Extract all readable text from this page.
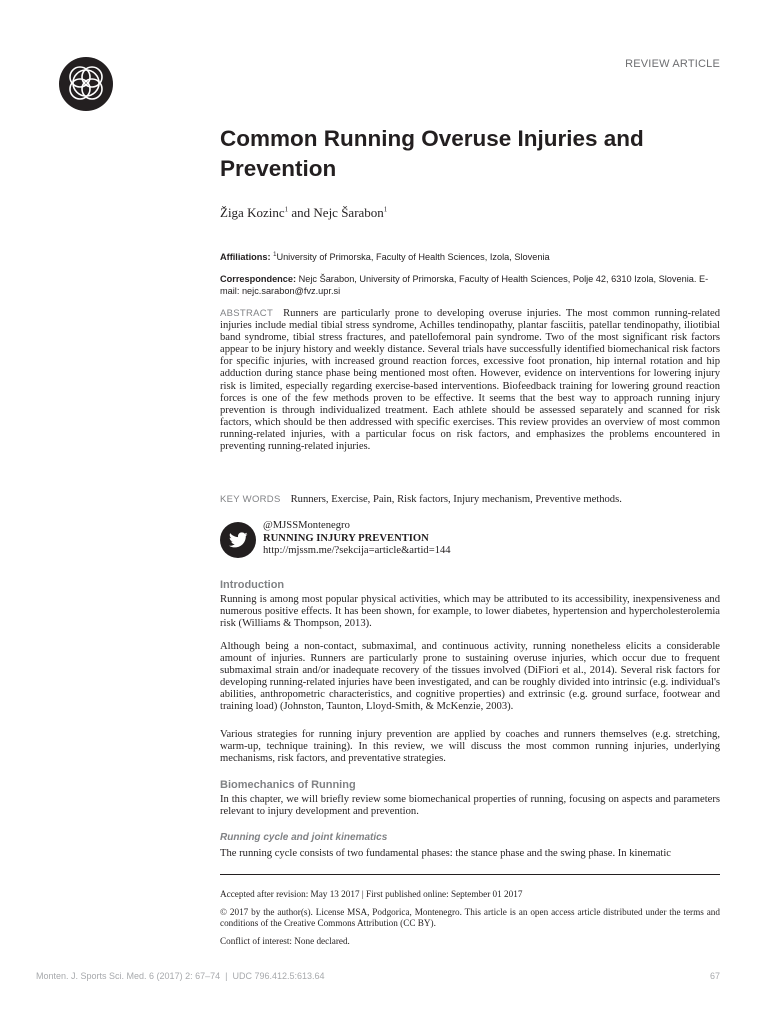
REVIEW ARTICLE
Common Running Overuse Injuries and Prevention
Žiga Kozinc$^1$ and Nejc Šarabon$^1$
Affiliations: $^1$University of Primorska, Faculty of Health Sciences, Izola, Slovenia
Correspondence: Nejc Šarabon, University of Primorska, Faculty of Health Sciences, Polje 42, 6310 Izola, Slovenia. E-mail: nejc.sarabon@fvz.upr.si
ABSTRACT Runners are particularly prone to developing overuse injuries. The most common running-related injuries include medial tibial stress syndrome, Achilles tendinopathy, plantar fasciitis, patellar tendinopathy, iliotibial band syndrome, tibial stress fractures, and patellofemoral pain syndrome. Two of the most significant risk factors appear to be injury history and weekly distance. Several trials have successfully identified biomechanical risk factors for specific injuries, with increased ground reaction forces, excessive foot pronation, hip internal rotation and hip adduction during stance phase being mentioned most often. However, evidence on interventions for lowering injury risk is limited, especially regarding exercise-based interventions. Biofeedback training for lowering ground reaction forces is one of the few methods proven to be effective. It seems that the best way to approach running injury prevention is through individualized treatment. Each athlete should be assessed separately and scanned for risk factors, which should be then addressed with specific exercises. This review provides an overview of most common running-related injuries, with a particular focus on risk factors, and emphasizes the problems encountered in preventing running-related injuries.
KEY WORDS Runners, Exercise, Pain, Risk factors, Injury mechanism, Preventive methods.
@MJSSMontenegro
RUNNING INJURY PREVENTION
http://mjssm.me/?sekcija=article&artid=144
Introduction

Running is among most popular physical activities, which may be attributed to its accessibility, inexpensiveness and numerous positive effects. It has been shown, for example, to lower diabetes, hypertension and hypercholesterolemia risk (Williams & Thompson, 2013).

Although being a non-contact, submaximal, and continuous activity, running nonetheless elicits a considerable amount of injuries. Runners are particularly prone to sustaining overuse injuries, which occur due to frequent submaximal strain and/or inadequate recovery of the tissues involved (DiFiori et al., 2014). Several risk factors for developing running-related injuries have been investigated, and can be roughly divided into intrinsic (e.g. individual's abilities, anthropometric characteristics, and cognitive properties) and extrinsic (e.g. ground surface, footwear and training load) (Johnston, Taunton, Lloyd-Smith, & McKenzie, 2003).

Various strategies for running injury prevention are applied by coaches and runners themselves (e.g. stretching, warm-up, technique training). In this review, we will discuss the most common running injuries, underlying mechanisms, risk factors, and preventative strategies.

Biomechanics of Running

In this chapter, we will briefly review some biomechanical properties of running, focusing on aspects and parameters relevant to injury development and prevention.

Running cycle and joint kinematics

The running cycle consists of two fundamental phases: the stance phase and the swing phase. In kinematic

Accepted after revision: May 13 2017 | First published online: September 01 2017
© 2017 by the author(s). License MSA, Podgorica, Montenegro. This article is an open access article distributed under the terms and conditions of the Creative Commons Attribution (CC BY).
Conflict of interest: None declared.
Monten. J. Sports Sci. Med. 6 (2017) 2: 67–74  |  UDC 796.412.5:613.64	67
